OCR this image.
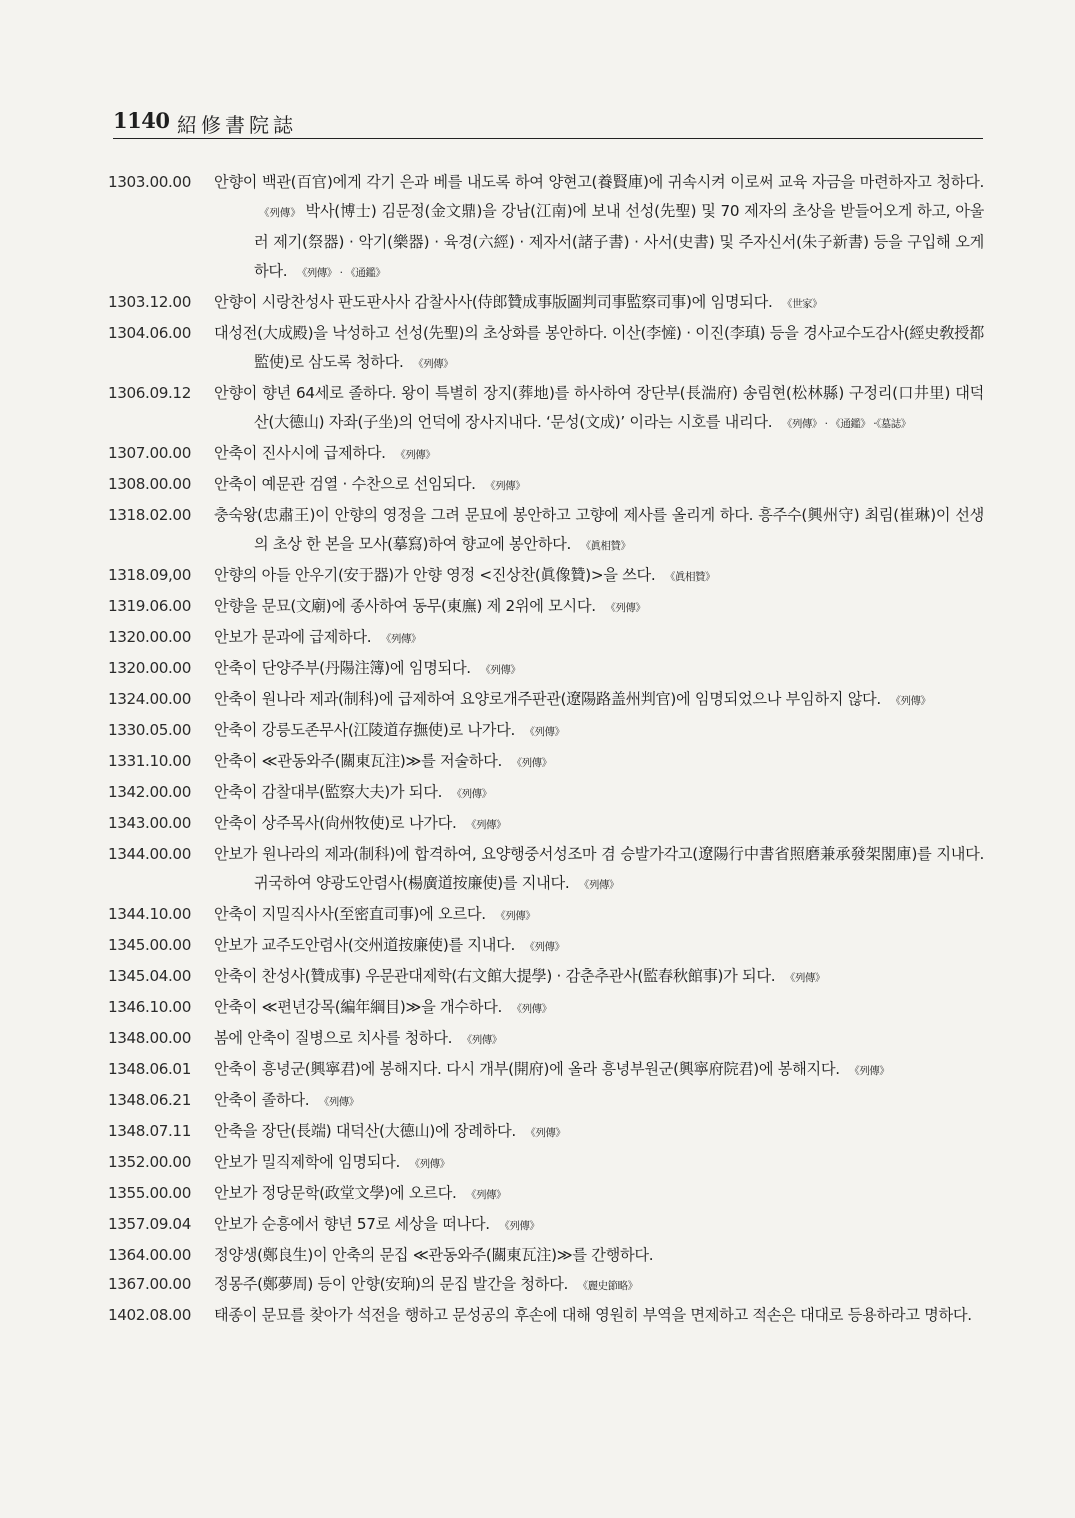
1140 紹修書院誌
1303.00.00	안향이 백관(百官)에게 각기 은과 베를 내도록 하여 양현고(養賢庫)에 귀속시켜 이로써 교육 자금을 마련하자고 청하다. 《列傳》 박사(博士) 김문정(金文鼎)을 강남(江南)에 보내 선성(先聖) 및 70 제자의 초상을 받들어오게 하고, 아울러 제기(祭器) · 악기(樂器) · 육경(六經) · 제자서(諸子書) · 사서(史書) 및 주자신서(朱子新書) 등을 구입해 오게 하다. 《列傳》 · 《通鑑》
1303.12.00	안향이 시랑찬성사 판도판사사 감찰사사(侍郎贊成事版圖判司事監察司事)에 임명되다. 《世家》
1304.06.00	대성전(大成殿)을 낙성하고 선성(先聖)의 초상화를 봉안하다. 이산(李㦃) · 이진(李瑱) 등을 경사교수도감사(經史敎授都監使)로 삼도록 청하다. 《列傳》
1306.09.12	안향이 향년 64세로 졸하다. 왕이 특별히 장지(葬地)를 하사하여 장단부(長湍府) 송림현(松林縣) 구정리(口井里) 대덕산(大德山) 자좌(子坐)의 언덕에 장사지내다. ‘문성(文成)’ 이라는 시호를 내리다. 《列傳》 · 《通鑑》 ·《墓誌》
1307.00.00	안축이 진사시에 급제하다. 《列傳》
1308.00.00	안축이 예문관 검열 · 수찬으로 선임되다. 《列傳》
1318.02.00	충숙왕(忠肅王)이 안향의 영정을 그려 문묘에 봉안하고 고향에 제사를 올리게 하다. 흥주수(興州守) 최림(崔琳)이 선생의 초상 한 본을 모사(摹寫)하여 향교에 봉안하다. 《眞相贊》
1318.09,00	안향의 아들 안우기(安于器)가 안향 영정 <진상찬(眞像贊)>을 쓰다. 《眞相贊》
1319.06.00	안향을 문묘(文廟)에 종사하여 동무(東廡) 제 2위에 모시다. 《列傳》
1320.00.00	안보가 문과에 급제하다. 《列傳》
1320.00.00	안축이 단양주부(丹陽注簿)에 임명되다. 《列傳》
1324.00.00	안축이 원나라 제과(制科)에 급제하여 요양로개주판관(遼陽路盖州判官)에 임명되었으나 부임하지 않다. 《列傳》
1330.05.00	안축이 강릉도존무사(江陵道存撫使)로 나가다. 《列傳》
1331.10.00	안축이 ≪관동와주(關東瓦注)≫를 저술하다. 《列傳》
1342.00.00	안축이 감찰대부(監察大夫)가 되다. 《列傳》
1343.00.00	안축이 상주목사(尙州牧使)로 나가다. 《列傳》
1344.00.00	안보가 원나라의 제과(制科)에 합격하여, 요양행중서성조마 겸 승발가각고(遼陽行中書省照磨兼承發架閣庫)를 지내다. 귀국하여 양광도안렴사(楊廣道按廉使)를 지내다. 《列傳》
1344.10.00	안축이 지밀직사사(至密直司事)에 오르다. 《列傳》
1345.00.00	안보가 교주도안렴사(交州道按廉使)를 지내다. 《列傳》
1345.04.00	안축이 찬성사(贊成事) 우문관대제학(右文館大提學) · 감춘추관사(監春秋館事)가 되다. 《列傳》
1346.10.00	안축이 ≪편년강목(編年綱目)≫을 개수하다. 《列傳》
1348.00.00	봄에 안축이 질병으로 치사를 청하다. 《列傳》
1348.06.01	안축이 흥녕군(興寧君)에 봉해지다. 다시 개부(開府)에 올라 흥녕부원군(興寧府院君)에 봉해지다. 《列傳》
1348.06.21	안축이 졸하다. 《列傳》
1348.07.11	안축을 장단(長端) 대덕산(大德山)에 장례하다. 《列傳》
1352.00.00	안보가 밀직제학에 임명되다. 《列傳》
1355.00.00	안보가 정당문학(政堂文學)에 오르다. 《列傳》
1357.09.04	안보가 순흥에서 향년 57로 세상을 떠나다. 《列傳》
1364.00.00	정양생(鄭良生)이 안축의 문집 ≪관동와주(關東瓦注)≫를 간행하다.
1367.00.00	정몽주(鄭夢周) 등이 안향(安珦)의 문집 발간을 청하다. 《麗史節略》
1402.08.00	태종이 문묘를 찾아가 석전을 행하고 문성공의 후손에 대해 영원히 부역을 면제하고 적손은 대대로 등용하라고 명하다.
